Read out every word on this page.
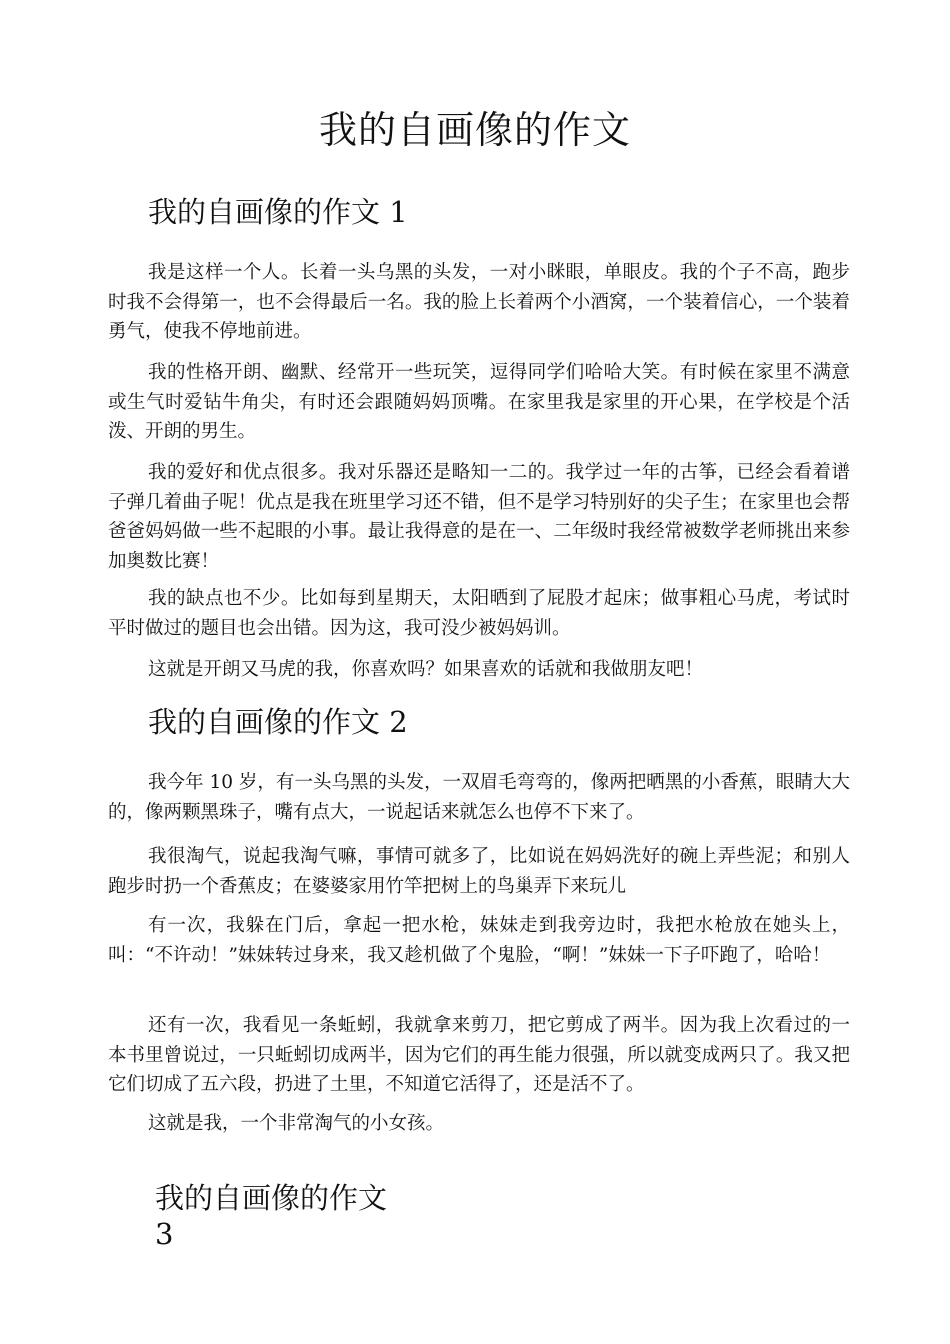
我的自画像的作文
我的自画像的作文 1

我是这样一个人。长着一头乌黑的头发，一对小眯眼，单眼皮。我的个子不高，跑步时我不会得第一，也不会得最后一名。我的脸上长着两个小酒窝，一个装着信心，一个装着勇气，使我不停地前进。

我的性格开朗、幽默、经常开一些玩笑，逗得同学们哈哈大笑。有时候在家里不满意或生气时爱钻牛角尖，有时还会跟随妈妈顶嘴。在家里我是家里的开心果，在学校是个活泼、开朗的男生。

我的爱好和优点很多。我对乐器还是略知一二的。我学过一年的古筝，已经会看着谱子弹几着曲子呢！优点是我在班里学习还不错，但不是学习特别好的尖子生；在家里也会帮爸爸妈妈做一些不起眼的小事。最让我得意的是在一、二年级时我经常被数学老师挑出来参加奥数比赛！

我的缺点也不少。比如每到星期天，太阳晒到了屁股才起床；做事粗心马虎，考试时平时做过的题目也会出错。因为这，我可没少被妈妈训。

这就是开朗又马虎的我，你喜欢吗？如果喜欢的话就和我做朋友吧！

我的自画像的作文 2

我今年 10 岁，有一头乌黑的头发，一双眉毛弯弯的，像两把晒黑的小香蕉，眼睛大大的，像两颗黑珠子，嘴有点大，一说起话来就怎么也停不下来了。

我很淘气，说起我淘气嘛，事情可就多了，比如说在妈妈洗好的碗上弄些泥；和别人跑步时扔一个香蕉皮；在婆婆家用竹竿把树上的鸟巢弄下来玩儿

有一次，我躲在门后，拿起一把水枪，妹妹走到我旁边时，我把水枪放在她头上，叫：“不许动！”妹妹转过身来，我又趁机做了个鬼脸，“啊！”妹妹一下子吓跑了，哈哈！

还有一次，我看见一条蚯蚓，我就拿来剪刀，把它剪成了两半。因为我上次看过的一本书里曾说过，一只蚯蚓切成两半，因为它们的再生能力很强，所以就变成两只了。我又把它们切成了五六段，扔进了土里，不知道它活得了，还是活不了。

这就是我，一个非常淘气的小女孩。

我的自画像的作文 3
